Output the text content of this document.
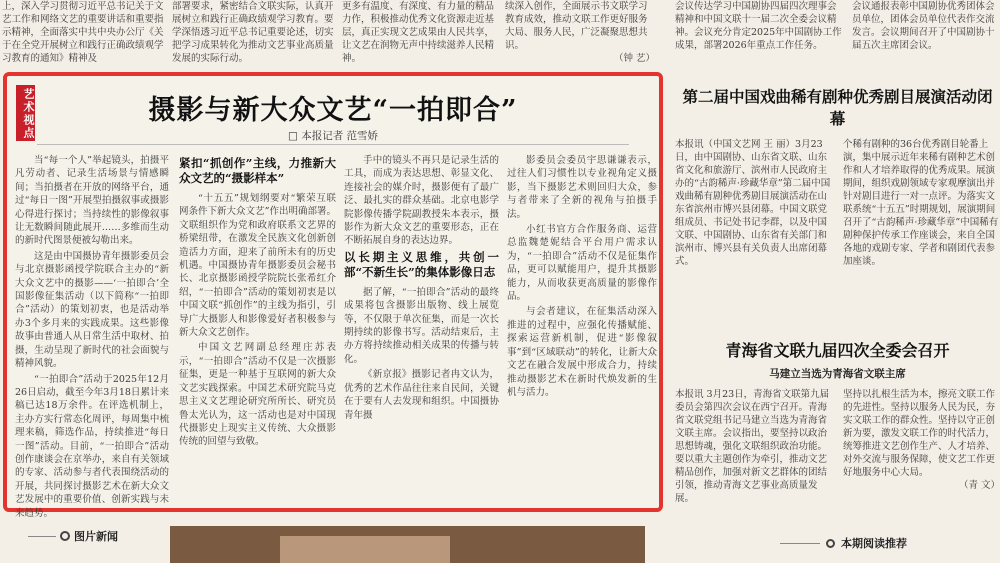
上，深入学习贯彻习近平总书记关于文艺工作和网络文艺的重要讲话和重要指示精神，全面落实中共中央办公厅《关于在全党开展树立和践行正确政绩观学习教育的通知》精神及
部署要求，紧密结合文联实际，认真开展树立和践行正确政绩观学习教育。要学深悟透习近平总书记重要论述，切实把学习成果转化为推动文艺事业高质量发展的实际行动。
更多有温度、有深度、有力量的精品力作，积极推动优秀文化资源走近基层，真正实现文艺成果由人民共享，让文艺在润物无声中持续滋养人民精神。
续深入创作，全面展示书文联学习教育成效，推动文联工作更好服务大局、服务人民，广泛凝聚思想共识。
（钟 艺）
艺术视点	摄影与新大众文艺“一拍即合”
□ 本报记者 范雪娇

当“每一个人”举起镜头，拍摄平凡劳动者、记录生活场景与情感瞬间；当拍摄者在开放的网络平台，通过“每日一图”开展型拍摄叙事或摄影心得进行探讨；当持续性的影像叙事让无数瞬间随此展开……多维而生动的新时代图景便被勾勒出来。

这是由中国摄协青年摄影委员会与北京摄影函授学院联合主办的“新大众文艺中的摄影——‘一拍即合’全国影像征集活动（以下简称“一拍即合”活动）的策划初衷，也是活动举办3个多月来的实践成果。这些影像故事由普通人从日常生活中取材、拍摄，生动呈现了新时代的社会面貌与精神风貌。

“一拍即合”活动于2025年12月26日启动，截至今年3月18日累计来稿已达18万余件。在评选机制上，主办方实行常态化周评，每周集中梳理来稿，筛选作品，持续推进“每日一图”活动。目前，“一拍即合”活动创作康谈会在京举办，来自有关领域的专家、活动参与者代表围绕活动的开展，共同探讨摄影艺术在新大众文艺发展中的重要价值、创新实践与未来趋势。

紧扣“抓创作”主线，力推新大众文艺的“摄影样本”

“十五五”规划纲要对“繁荣互联网条件下新大众文艺”作出明确部署。文联组织作为党和政府联系文艺界的桥梁纽带，在激发全民族文化创新创造活力方面，迎来了前所未有的历史机遇。中国摄协青年摄影委员会秘书长、北京摄影函授学院院长张希红介绍，“一拍即合”活动的策划初衷是以中国文联“抓创作”的主线为指引，引导广大摄影人和影像爱好者积极参与新大众文艺创作。

中国文艺网副总经理庄苏表示，“一拍即合”活动不仅是一次摄影征集，更是一种基于互联网的新大众文艺实践探索。中国艺术研究院马克思主义文艺理论研究所所长、研究员鲁太光认为，这一活动也是对中国现代摄影史上现实主义传统、大众摄影传统的回望与致敬。

手中的镜头不再只是记录生活的工具，而成为表达思想、彰显文化、连接社会的媒介时，摄影便有了最广泛、最扎实的群众基础。北京电影学院影像传播学院副教授朱本表示，摄影作为新大众文艺的重要形态，正在不断拓展自身的表达边界。

以长期主义思维，共创一部“不新生长”的集体影像日志

据了解，“一拍即合”活动的最终成果将包含摄影出版物、线上展览等，不仅限于单次征集，而是一次长期持续的影像书写。活动结束后，主办方将持续推动相关成果的传播与转化。

《新京报》摄影记者冉文认为，优秀的艺术作品往往来自民间，关键在于要有人去发现和组织。中国摄协青年摄

影委员会委员宇思谦谦表示，过往人们习惯性以专业视角定义摄影，当下摄影艺术则回归大众，参与者带来了全新的视角与拍摄手法。

小红书官方合作服务商、运营总监魏楚妮结合平台用户需求认为，“一拍即合”活动不仅是征集作品，更可以赋能用户，提升其摄影能力，从而收获更高质量的影像作品。

与会者建议，在征集活动深入推进的过程中，应强化传播赋能、探索运营新机制，促进“影像叙事”到“区域联动”的转化，让新大众文艺在融合发展中形成合力，持续推动摄影艺术在新时代焕发新的生机与活力。

图片新闻
会议传达学习中国剧协四届四次理事会精神和中国文联十一届二次全委会议精神。会议充分肯定2025年中国剧协工作成果，部署2026年重点工作任务。
会议通报表彰中国剧协优秀团体会员单位，团体会员单位代表作交流发言。会议期间召开了中国剧协十届五次主席团会议。
第二届中国戏曲稀有剧种优秀剧目展演活动闭幕
本报讯（中国文艺网 王 丽）3月23日，由中国剧协、山东省文联、山东省文化和旅游厅、滨州市人民政府主办的“古韵稀声·珍藏华章”第二届中国戏曲稀有剧种优秀剧目展演活动在山东省滨州市博兴县闭幕。中国文联党组成员、书记处书记李群，以及中国文联、中国剧协、山东省有关部门和滨州市、博兴县有关负责人出席闭幕式。
个稀有剧种的36台优秀剧目轮番上演，集中展示近年来稀有剧种艺术创作和人才培养取得的优秀成果。展演期间，组织戏剧领域专家观摩演出并针对剧目进行一对一点评。为落实文联系统“十五五”时期规划，展演期间召开了“古韵稀声·珍藏华章”中国稀有剧种保护传承工作座谈会，来自全国各地的戏剧专家、学者和剧团代表参加座谈。
青海省文联九届四次全委会召开
马建立当选为青海省文联主席
本报讯 3月23日，青海省文联第九届委员会第四次会议在西宁召开。青海省文联党组书记马建立当选为青海省文联主席。会议指出，要坚持以政治思想铸魂，强化文联组织政治功能。要以重大主题创作为牵引，推动文艺精品创作，加强对新文艺群体的团结引领，推动青海文艺事业高质量发展。
坚持以扎根生活为本，擦亮文联工作的先进性。坚持以服务人民为民，夯实文联工作的群众性。坚持以守正创新为要，激发文联工作的时代活力，统筹推进文艺创作生产、人才培养、对外交流与服务保障，使文艺工作更好地服务中心大局。
（青 文）
本期阅读推荐
